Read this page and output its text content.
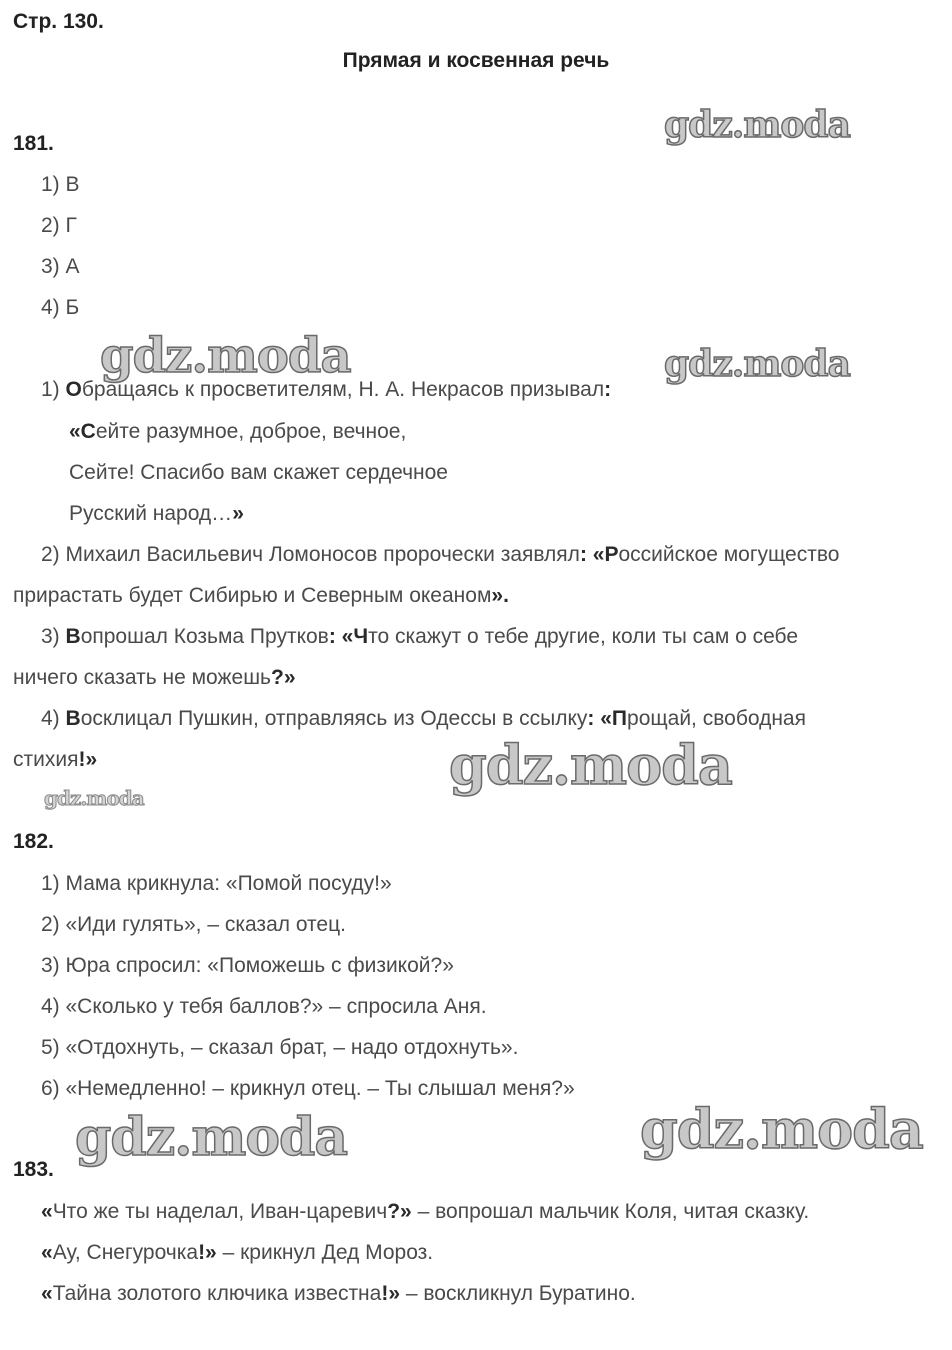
Стр. 130.
Прямая и косвенная речь
gdz.moda
gdz.moda	gdz.moda
gdz.moda
gdz.moda
gdz.moda	gdz.moda
181.
1) В
2) Г
3) А
4) Б
1) Обращаясь к просветителям, Н. А. Некрасов призывал:
«Сейте разумное, доброе, вечное,
Сейте! Спасибо вам скажет сердечное
Русский народ…»
2) Михаил Васильевич Ломоносов пророчески заявлял: «Российское могущество
прирастать будет Сибирью и Северным океаном».
3) Вопрошал Козьма Прутков: «Что скажут о тебе другие, коли ты сам о себе
ничего сказать не можешь?»
4) Восклицал Пушкин, отправляясь из Одессы в ссылку: «Прощай, свободная
стихия!»
182.
1) Мама крикнула: «Помой посуду!»
2) «Иди гулять», – сказал отец.
3) Юра спросил: «Поможешь с физикой?»
4) «Сколько у тебя баллов?» – спросила Аня.
5) «Отдохнуть, – сказал брат, – надо отдохнуть».
6) «Немедленно! – крикнул отец. – Ты слышал меня?»
183.
«Что же ты наделал, Иван-царевич?» – вопрошал мальчик Коля, читая сказку.
«Ау, Снегурочка!» – крикнул Дед Мороз.
«Тайна золотого ключика известна!» – воскликнул Буратино.
